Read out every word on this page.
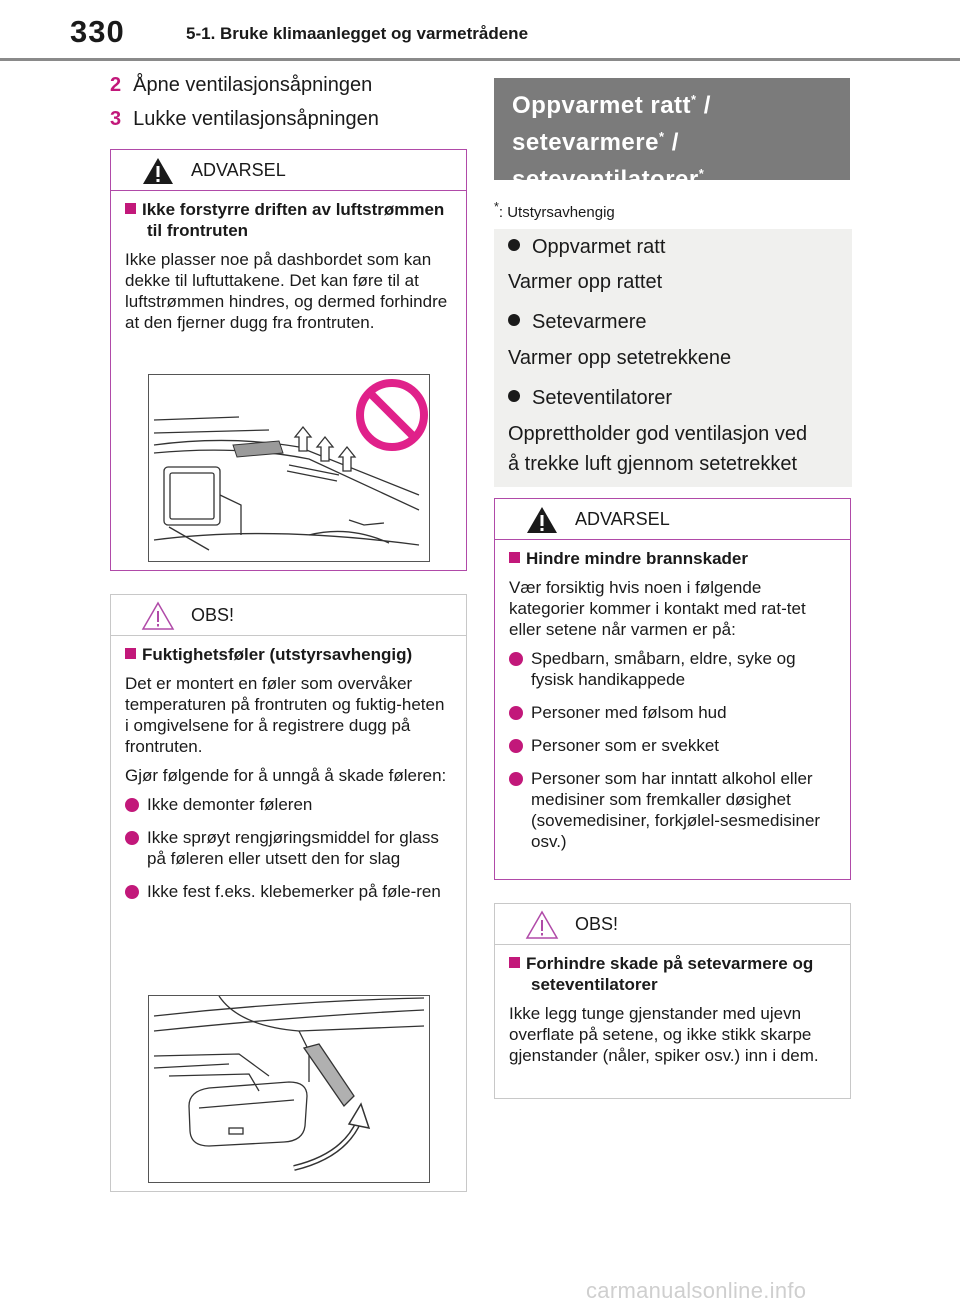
330	5-1. Bruke klimaanlegget og varmetrådene
2 Åpne ventilasjonsåpningen
3 Lukke ventilasjonsåpningen
ADVARSEL
Ikke forstyrre driften av luftstrømmen til frontruten

Ikke plasser noe på dashbordet som kan dekke til luftuttakene. Det kan føre til at luftstrømmen hindres, og dermed forhindre at den fjerner dugg fra frontruten.

OBS!
Fuktighetsføler (utstyrsavhengig)

Det er montert en føler som overvåker temperaturen på frontruten og fuktig-heten i omgivelsene for å registrere dugg på frontruten.

Gjør følgende for å unngå å skade føleren:

Ikke demonter føleren
Ikke sprøyt rengjøringsmiddel for glass på føleren eller utsett den for slag
Ikke fest f.eks. klebemerker på føle-ren
Oppvarmet ratt* /
setevarmere* /
seteventilatorer*
*: Utstyrsavhengig
Oppvarmet ratt
Varmer opp rattet
Setevarmere
Varmer opp setetrekkene
Seteventilatorer
Opprettholder god ventilasjon ved
å trekke luft gjennom setetrekket
ADVARSEL
Hindre mindre brannskader

Vær forsiktig hvis noen i følgende kategorier kommer i kontakt med rat-tet eller setene når varmen er på:

Spedbarn, småbarn, eldre, syke og fysisk handikappede
Personer med følsom hud
Personer som er svekket
Personer som har inntatt alkohol eller medisiner som fremkaller døsighet (sovemedisiner, forkjølel-sesmedisiner osv.)
OBS!
Forhindre skade på setevarmere og seteventilatorer

Ikke legg tunge gjenstander med ujevn overflate på setene, og ikke stikk skarpe gjenstander (nåler, spiker osv.) inn i dem.

carmanualsonline.info
